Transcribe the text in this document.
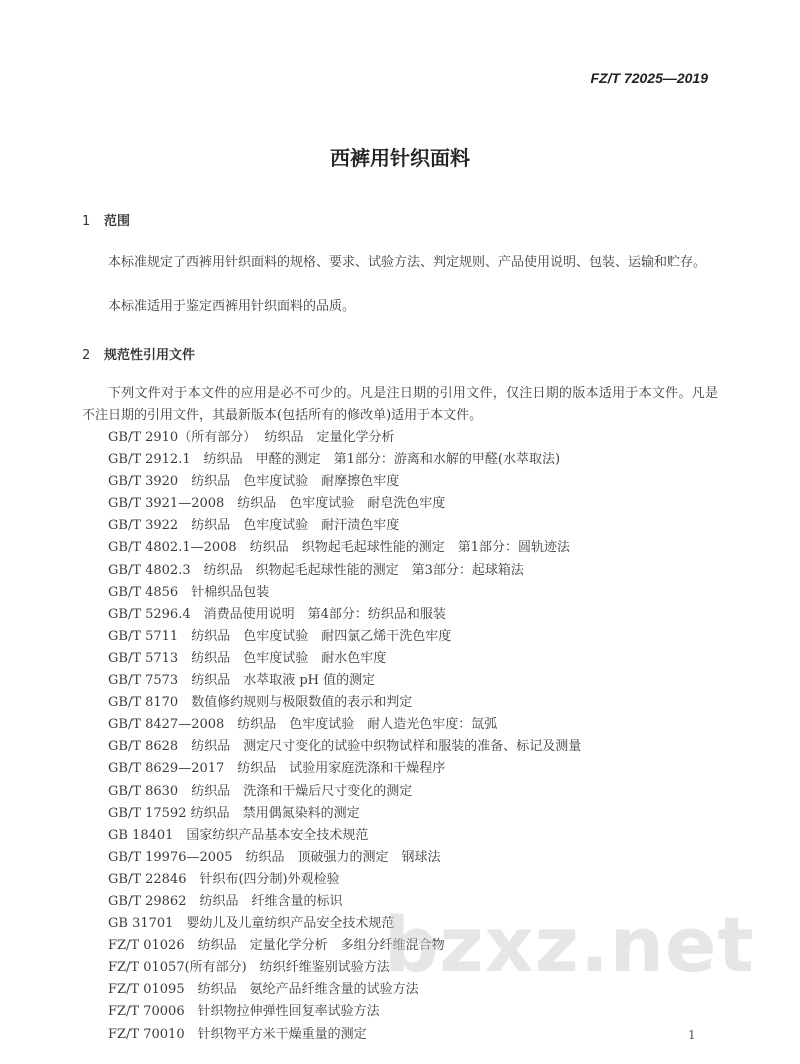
FZ/T 72025—2019
西裤用针织面料
1 范围
本标准规定了西裤用针织面料的规格、要求、试验方法、判定规则、产品使用说明、包装、运输和贮存。
本标准适用于鉴定西裤用针织面料的品质。
2 规范性引用文件
下列文件对于本文件的应用是必不可少的。凡是注日期的引用文件，仅注日期的版本适用于本文件。凡是不注日期的引用文件，其最新版本(包括所有的修改单)适用于本文件。
GB/T 2910（所有部分）  纺织品　定量化学分析
GB/T 2912.1　纺织品　甲醛的测定　第1部分：游离和水解的甲醛(水萃取法)
GB/T 3920　纺织品　色牢度试验　耐摩擦色牢度
GB/T 3921—2008　纺织品　色牢度试验　耐皂洗色牢度
GB/T 3922　纺织品　色牢度试验　耐汗渍色牢度
GB/T 4802.1—2008　纺织品　织物起毛起球性能的测定　第1部分：圆轨迹法
GB/T 4802.3　纺织品　织物起毛起球性能的测定　第3部分：起球箱法
GB/T 4856　针棉织品包装
GB/T 5296.4　消费品使用说明　第4部分：纺织品和服装
GB/T 5711　纺织品　色牢度试验　耐四氯乙烯干洗色牢度
GB/T 5713　纺织品　色牢度试验　耐水色牢度
GB/T 7573　纺织品　水萃取液 pH 值的测定
GB/T 8170　数值修约规则与极限数值的表示和判定
GB/T 8427—2008　纺织品　色牢度试验　耐人造光色牢度：氙弧
GB/T 8628　纺织品　测定尺寸变化的试验中织物试样和服装的准备、标记及测量
GB/T 8629—2017　纺织品　试验用家庭洗涤和干燥程序
GB/T 8630　纺织品　洗涤和干燥后尺寸变化的测定
GB/T 17592 纺织品　禁用偶氮染料的测定
GB 18401　国家纺织产品基本安全技术规范
GB/T 19976—2005　纺织品　顶破强力的测定　钢球法
GB/T 22846　针织布(四分制)外观检验
GB/T 29862　纺织品　纤维含量的标识
GB 31701　婴幼儿及儿童纺织产品安全技术规范
FZ/T 01026　纺织品　定量化学分析　多组分纤维混合物
FZ/T 01057(所有部分)　纺织纤维鉴别试验方法
FZ/T 01095　纺织品　氨纶产品纤维含量的试验方法
FZ/T 70006　针织物拉伸弹性回复率试验方法
FZ/T 70010　针织物平方米干燥重量的测定
bzxz.net
1
